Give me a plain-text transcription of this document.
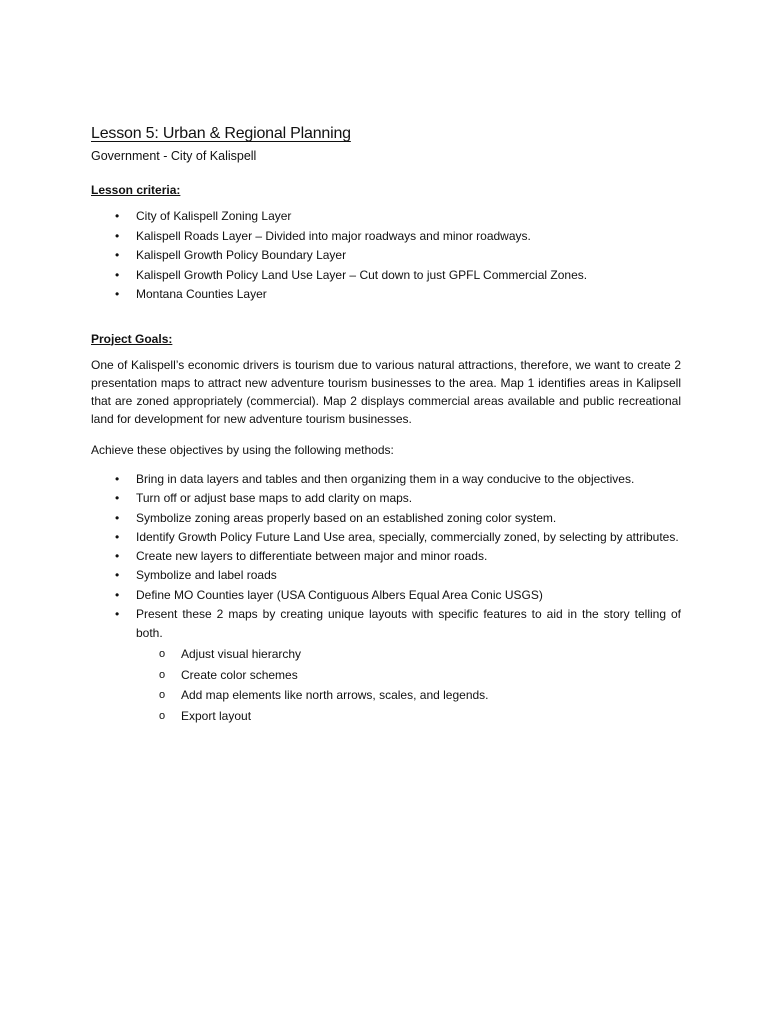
Lesson 5: Urban & Regional Planning

Government - City of Kalispell

Lesson criteria:

• City of Kalispell Zoning Layer
• Kalispell Roads Layer – Divided into major roadways and minor roadways.
• Kalispell Growth Policy Boundary Layer
• Kalispell Growth Policy Land Use Layer – Cut down to just GPFL Commercial Zones.
• Montana Counties Layer

Project Goals:

One of Kalispell’s economic drivers is tourism due to various natural attractions, therefore, we want to create 2 presentation maps to attract new adventure tourism businesses to the area. Map 1 identifies areas in Kalipsell that are zoned appropriately (commercial). Map 2 displays commercial areas available and public recreational land for development for new adventure tourism businesses.

Achieve these objectives by using the following methods:

• Bring in data layers and tables and then organizing them in a way conducive to the objectives.
• Turn off or adjust base maps to add clarity on maps.
• Symbolize zoning areas properly based on an established zoning color system.
• Identify Growth Policy Future Land Use area, specially, commercially zoned, by selecting by attributes.
• Create new layers to differentiate between major and minor roads.
• Symbolize and label roads
• Define MO Counties layer (USA Contiguous Albers Equal Area Conic USGS)
• Present these 2 maps by creating unique layouts with specific features to aid in the story telling of both.
o Adjust visual hierarchy
o Create color schemes
o Add map elements like north arrows, scales, and legends.
o Export layout
